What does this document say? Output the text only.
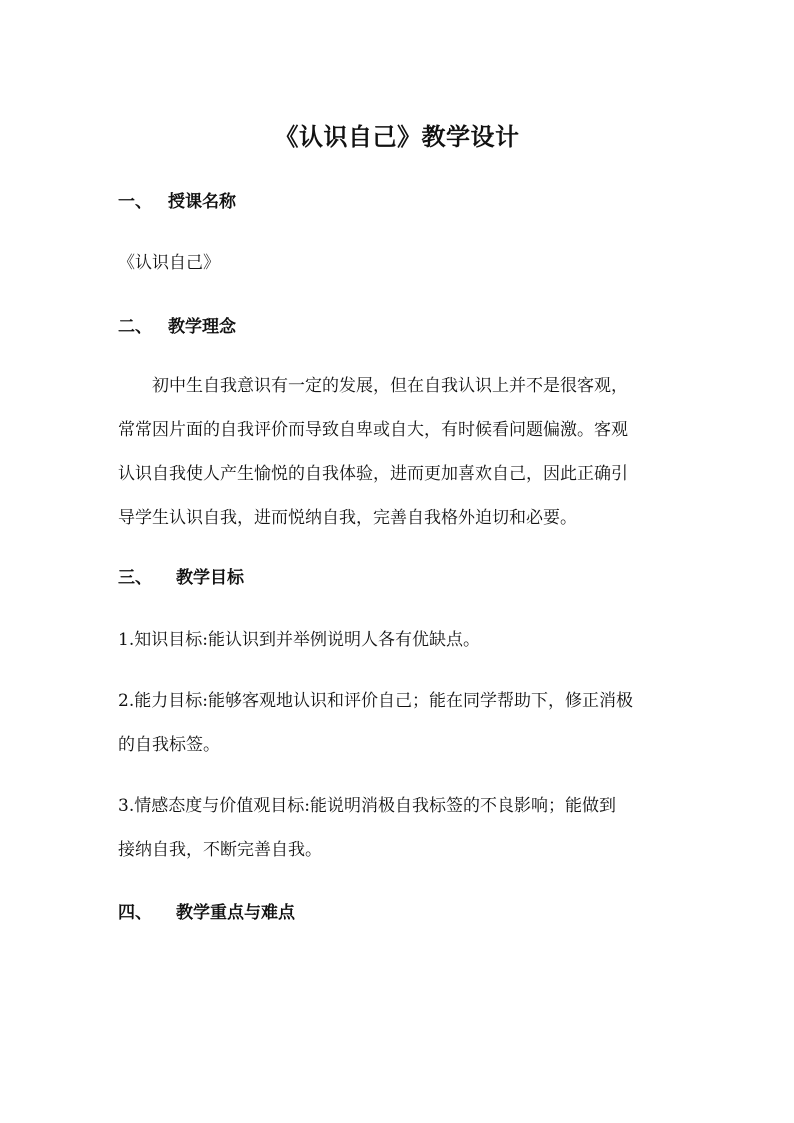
《认识自己》教学设计
一、 授课名称
《认识自己》
二、 教学理念
初中生自我意识有一定的发展，但在自我认识上并不是很客观，
常常因片面的自我评价而导致自卑或自大，有时候看问题偏激。客观
认识自我使人产生愉悦的自我体验，进而更加喜欢自己，因此正确引
导学生认识自我，进而悦纳自我，完善自我格外迫切和必要。
三、 教学目标
1.知识目标:能认识到并举例说明人各有优缺点。
2.能力目标:能够客观地认识和评价自己；能在同学帮助下，修正消极
的自我标签。
3.情感态度与价值观目标:能说明消极自我标签的不良影响；能做到
接纳自我，不断完善自我。
四、 教学重点与难点
